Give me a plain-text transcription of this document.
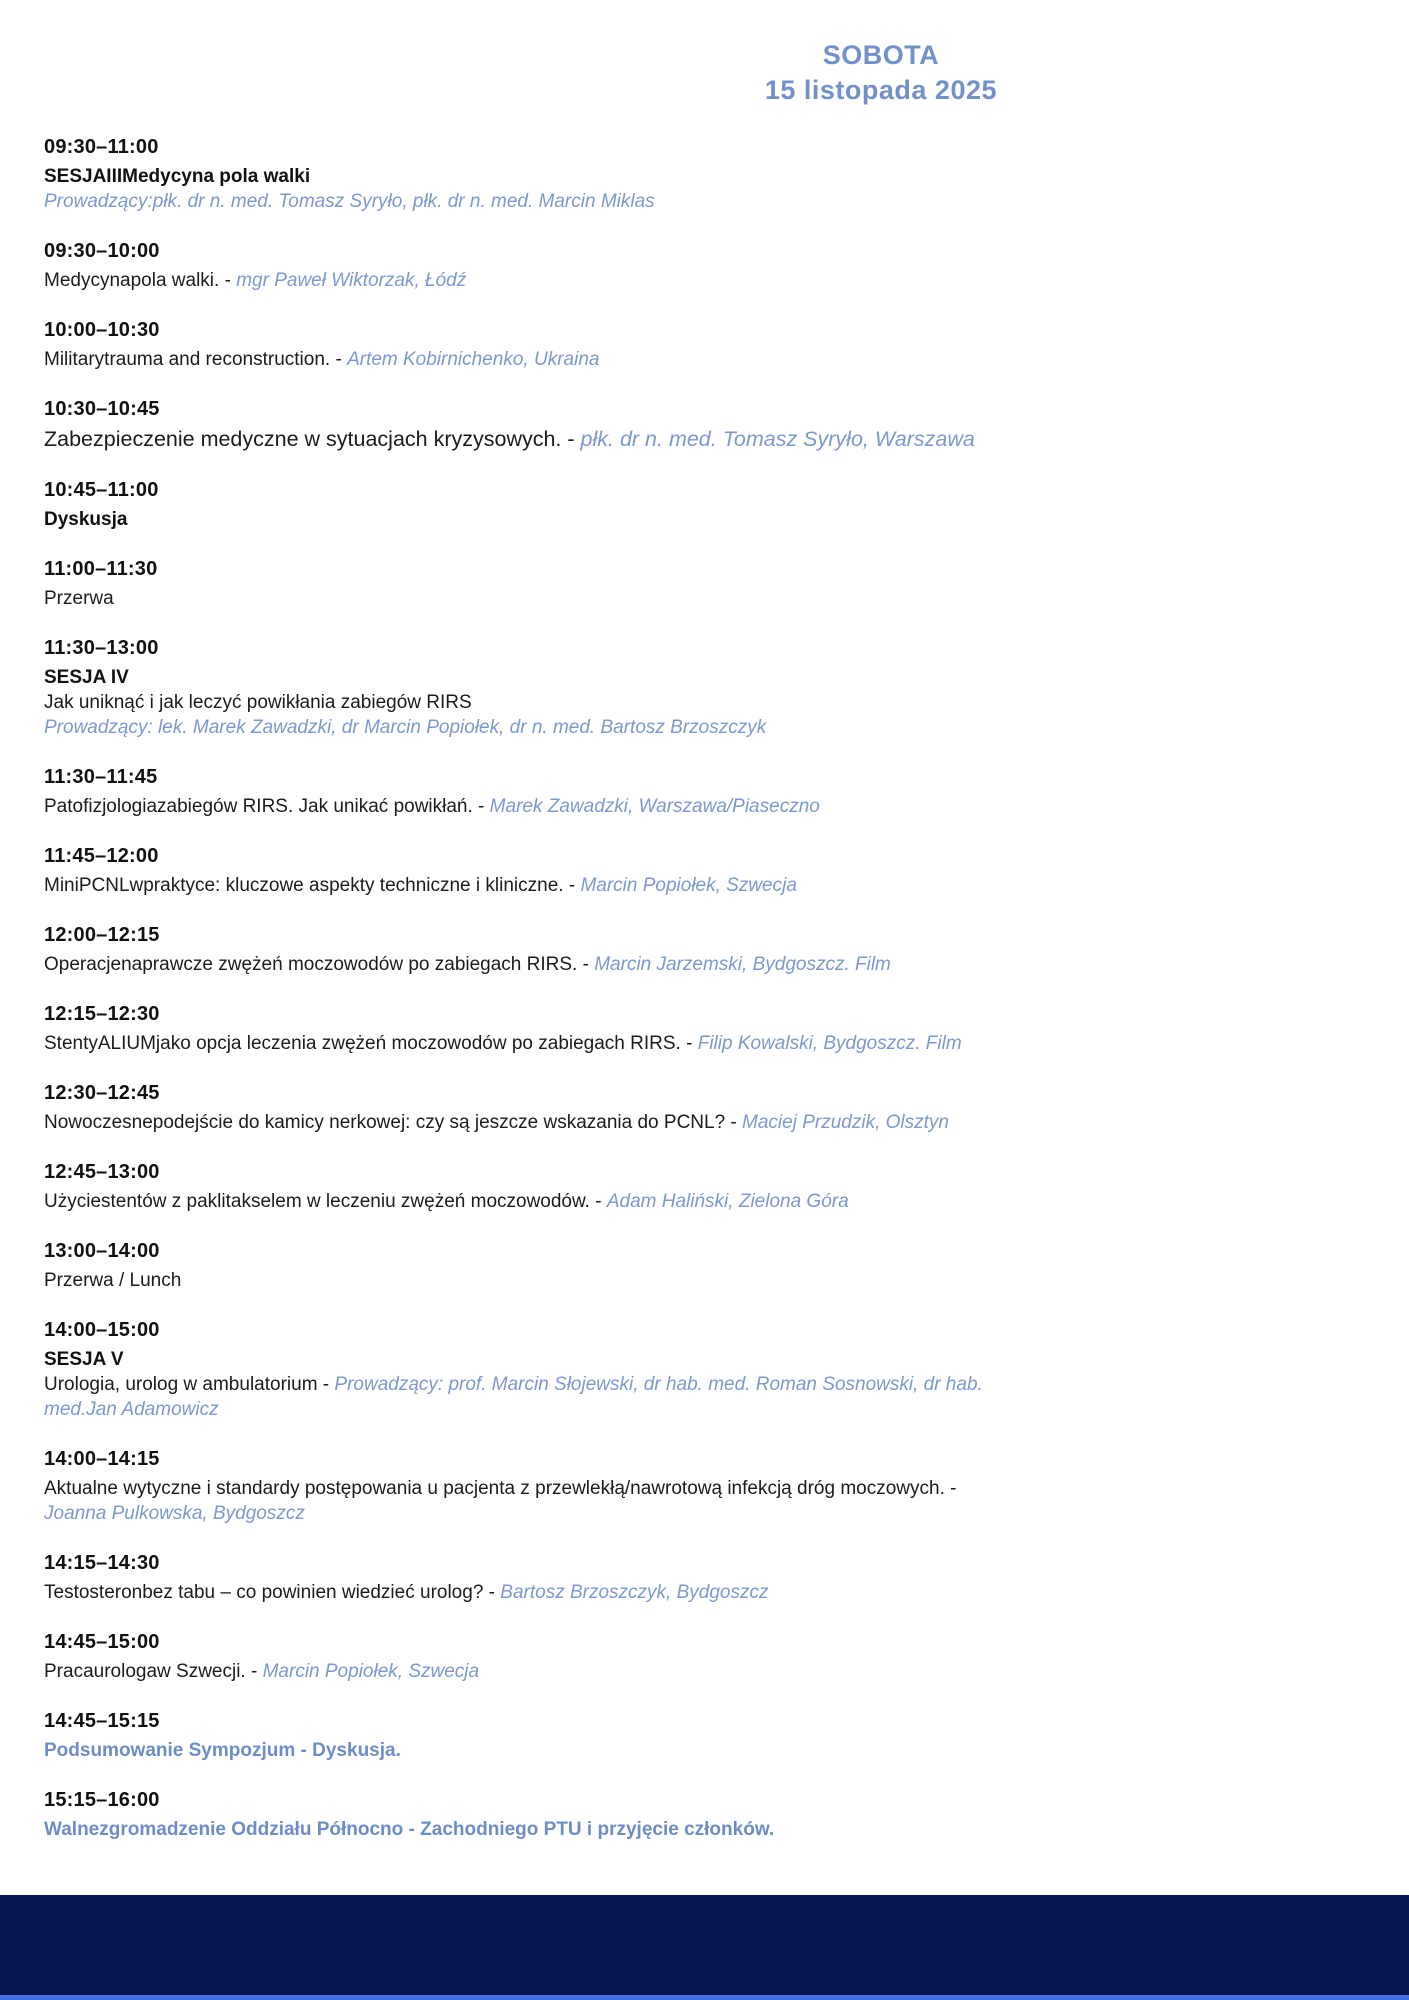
SOBOTA
15 listopada 2025
09:30–11:00
SESJAIIIMedycyna pola walki
Prowadzący:płk. dr n. med. Tomasz Syryło, płk. dr n. med. Marcin Miklas
09:30–10:00
Medycynapola walki. - mgr Paweł Wiktorzak, Łódź
10:00–10:30
Militarytrauma and reconstruction. - Artem Kobirnichenko, Ukraina
10:30–10:45
Zabezpieczenie medyczne w sytuacjach kryzysowych. - płk. dr n. med. Tomasz Syryło, Warszawa
10:45–11:00
Dyskusja
11:00–11:30
Przerwa
11:30–13:00
SESJA IV
Jak uniknąć i jak leczyć powikłania zabiegów RIRS
Prowadzący: lek. Marek Zawadzki, dr Marcin Popiołek, dr n. med. Bartosz Brzoszczyk
11:30–11:45
Patofizjologiazabiegów RIRS. Jak unikać powikłań. - Marek Zawadzki, Warszawa/Piaseczno
11:45–12:00
MiniPCNLwpraktyce: kluczowe aspekty techniczne i kliniczne. - Marcin Popiołek, Szwecja
12:00–12:15
Operacjenaprawcze zwężeń moczowodów po zabiegach RIRS. - Marcin Jarzemski, Bydgoszcz. Film
12:15–12:30
StentyALIUMjako opcja leczenia zwężeń moczowodów po zabiegach RIRS. - Filip Kowalski, Bydgoszcz. Film
12:30–12:45
Nowoczesnepodejście do kamicy nerkowej: czy są jeszcze wskazania do PCNL? - Maciej Przudzik, Olsztyn
12:45–13:00
Użyciestentów z paklitakselem w leczeniu zwężeń moczowodów. - Adam Haliński, Zielona Góra
13:00–14:00
Przerwa / Lunch
14:00–15:00
SESJA V
Urologia, urolog w ambulatorium - Prowadzący: prof. Marcin Słojewski, dr hab. med. Roman Sosnowski, dr hab. med.Jan Adamowicz
14:00–14:15
Aktualne wytyczne i standardy postępowania u pacjenta z przewlekłą/nawrotową infekcją dróg moczowych. - Joanna Pulkowska, Bydgoszcz
14:15–14:30
Testosteronbez tabu – co powinien wiedzieć urolog? - Bartosz Brzoszczyk, Bydgoszcz
14:45–15:00
Pracaurologaw Szwecji. - Marcin Popiołek, Szwecja
14:45–15:15
Podsumowanie Sympozjum - Dyskusja.
15:15–16:00
Walnezgromadzenie Oddziału Północno - Zachodniego PTU i przyjęcie członków.
